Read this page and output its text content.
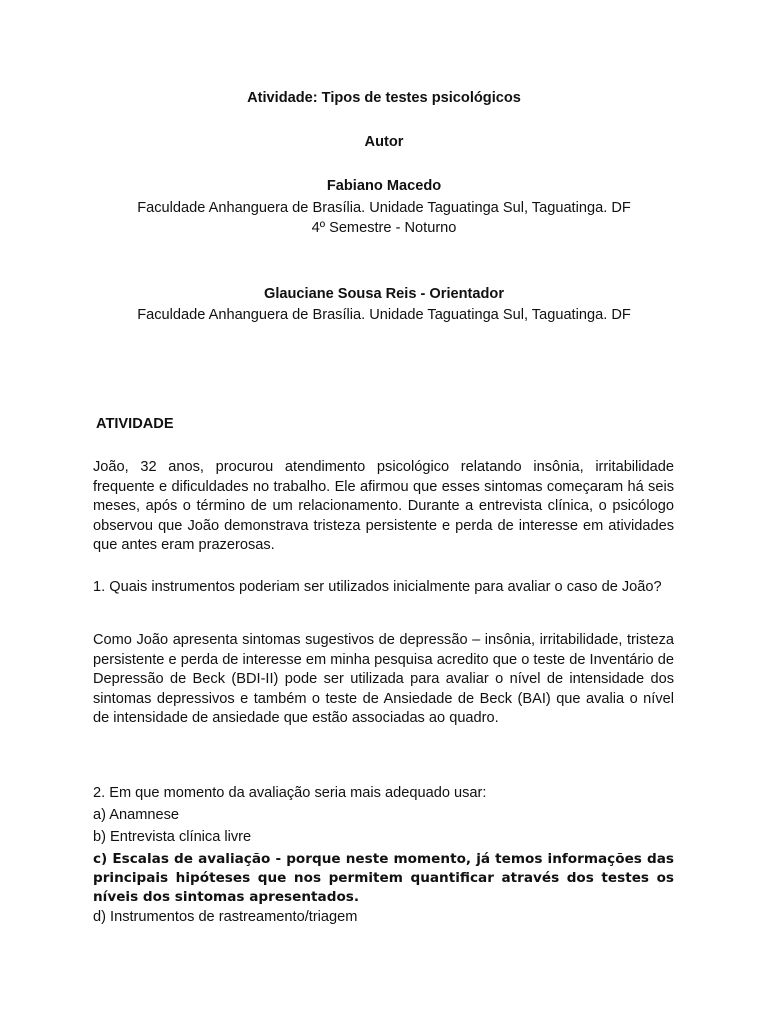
Atividade: Tipos de testes psicológicos
Autor
Fabiano Macedo
Faculdade Anhanguera de Brasília. Unidade Taguatinga Sul, Taguatinga. DF
4º Semestre - Noturno
Glauciane Sousa Reis - Orientador
Faculdade Anhanguera de Brasília. Unidade Taguatinga Sul, Taguatinga. DF
ATIVIDADE
João, 32 anos, procurou atendimento psicológico relatando insônia, irritabilidade frequente e dificuldades no trabalho. Ele afirmou que esses sintomas começaram há seis meses, após o término de um relacionamento. Durante a entrevista clínica, o psicólogo observou que João demonstrava tristeza persistente e perda de interesse em atividades que antes eram prazerosas.
1. Quais instrumentos poderiam ser utilizados inicialmente para avaliar o caso de João?
Como João apresenta sintomas sugestivos de depressão – insônia, irritabilidade, tristeza persistente e perda de interesse em minha pesquisa acredito que o teste de Inventário de Depressão de Beck (BDI-II) pode ser utilizada para avaliar o nível de intensidade dos sintomas depressivos e também o teste de Ansiedade de Beck (BAI) que avalia o nível de intensidade de ansiedade que estão associadas ao quadro.
2. Em que momento da avaliação seria mais adequado usar:
a) Anamnese
b) Entrevista clínica livre
c) Escalas de avaliação - porque neste momento, já temos informações das principais hipóteses que nos permitem quantificar através dos testes os níveis dos sintomas apresentados.
d) Instrumentos de rastreamento/triagem
